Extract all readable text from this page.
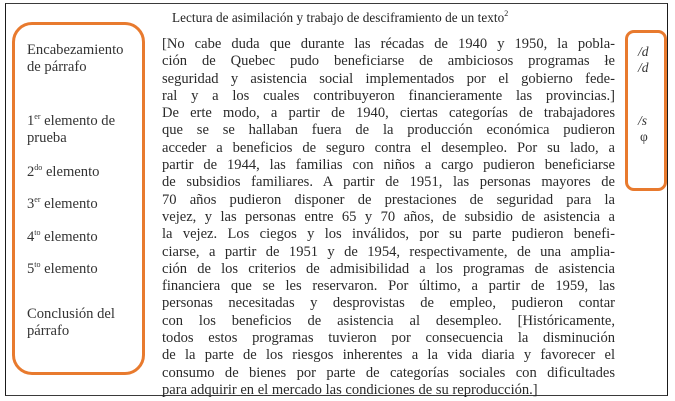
Lectura de asimilación y trabajo de desciframiento de un texto$^2$
Encabezamiento
de párrafo
1er elemento de
prueba
$2^{do}$ elemento
3er elemento
$4^{to}$ elemento
$5^{to}$ elemento
Conclusión del
párrafo
/d
/d
/s
φ
[No cabe duda que durante las récadas de 1940 y 1950, la pobla-
ción de Quebec pudo beneficiarse de ambiciosos programas łe
seguridad y asistencia social implementados por el gobierno fede-
ral y a los cuales contribuyeron financieramente las provincias.]
De erte modo, a partir de 1940, ciertas categorías de trabajadores
que se se hallaban fuera de la producción económica pudieron
acceder a beneficios de seguro contra el desempleo. Por su lado, a
partir de 1944, las familias con niños a cargo pudieron beneficiarse
de subsidios familiares. A partir de 1951, las personas mayores de
70 años pudieron disponer de prestaciones de seguridad para la
vejez, y las personas entre 65 y 70 años, de subsidio de asistencia a
la vejez. Los ciegos y los inválidos, por su parte pudieron benefi-
ciarse, a partir de 1951 y de 1954, respectivamente, de una amplia-
ción de los criterios de admisibilidad a los programas de asistencia
financiera que se les reservaron. Por último, a partir de 1959, las
personas necesitadas y desprovistas de empleo, pudieron contar
con los beneficios de asistencia al desempleo. [Históricamente,
todos estos programas tuvieron por consecuencia la disminución
de la parte de los riesgos inherentes a la vida diaria y favorecer el
consumo de bienes por parte de categorías sociales con dificultades
para adquirir en el mercado las condiciones de su reproducción.]
